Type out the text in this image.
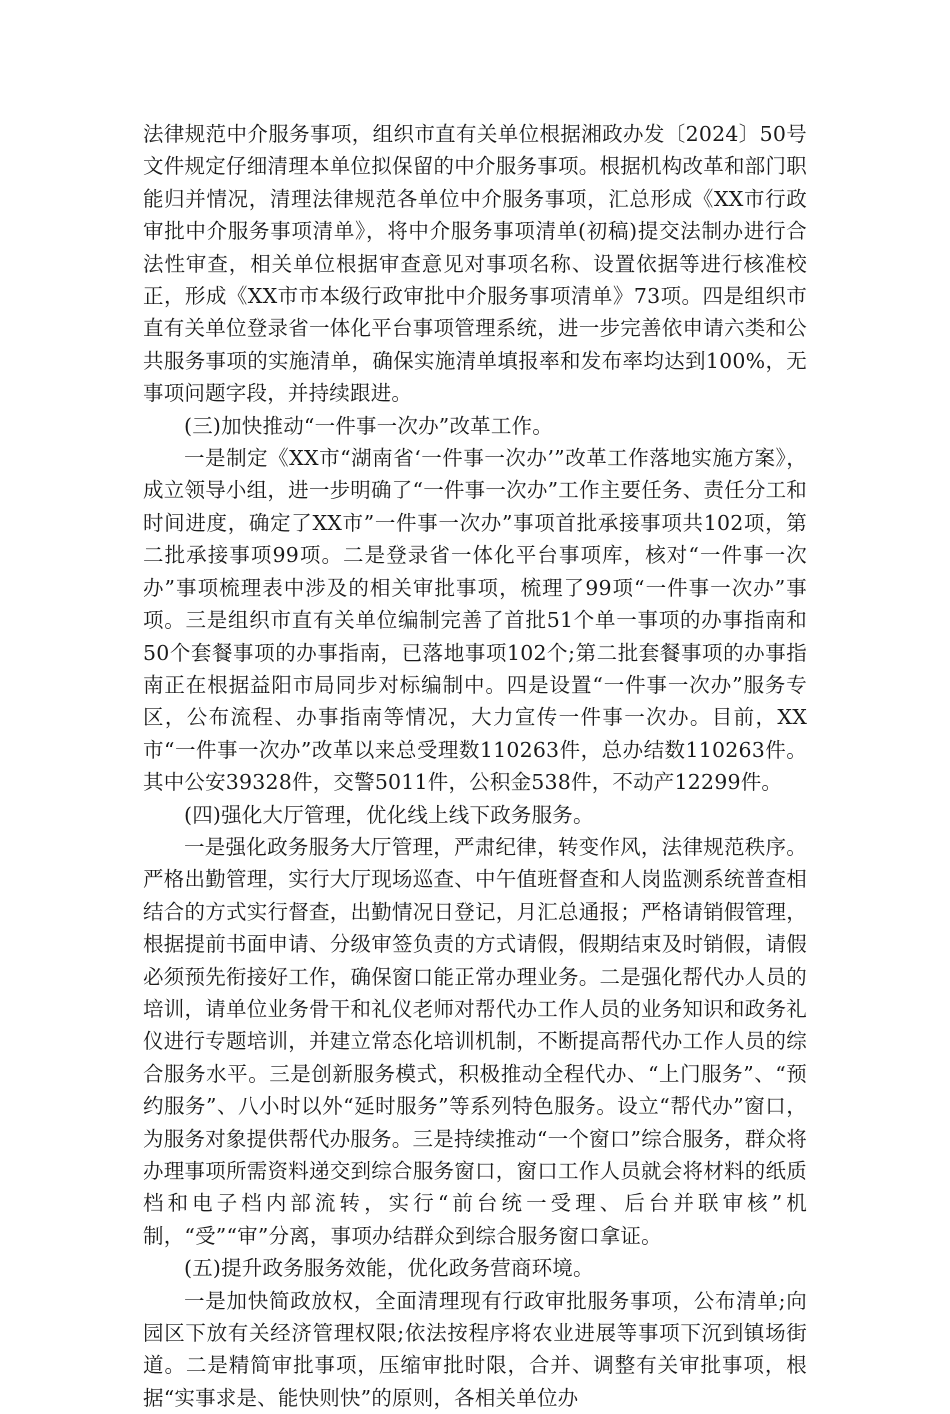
法律规范中介服务事项，组织市直有关单位根据湘政办发〔2024〕50号文件规定仔细清理本单位拟保留的中介服务事项。根据机构改革和部门职能归并情况，清理法律规范各单位中介服务事项，汇总形成《XX市行政审批中介服务事项清单》，将中介服务事项清单(初稿)提交法制办进行合法性审查，相关单位根据审查意见对事项名称、设置依据等进行核准校正，形成《XX市市本级行政审批中介服务事项清单》73项。四是组织市直有关单位登录省一体化平台事项管理系统，进一步完善依申请六类和公共服务事项的实施清单，确保实施清单填报率和发布率均达到100%，无事项问题字段，并持续跟进。

(三)加快推动“一件事一次办”改革工作。

一是制定《XX市“湖南省‘一件事一次办’”改革工作落地实施方案》，成立领导小组，进一步明确了“一件事一次办”工作主要任务、责任分工和时间进度，确定了XX市”一件事一次办”事项首批承接事项共102项，第二批承接事项99项。二是登录省一体化平台事项库，核对“一件事一次办”事项梳理表中涉及的相关审批事项，梳理了99项“一件事一次办”事项。三是组织市直有关单位编制完善了首批51个单一事项的办事指南和50个套餐事项的办事指南，已落地事项102个;第二批套餐事项的办事指南正在根据益阳市局同步对标编制中。四是设置“一件事一次办”服务专区，公布流程、办事指南等情况，大力宣传一件事一次办。目前，XX市“一件事一次办”改革以来总受理数110263件，总办结数110263件。其中公安39328件，交警5011件，公积金538件，不动产12299件。

(四)强化大厅管理，优化线上线下政务服务。

一是强化政务服务大厅管理，严肃纪律，转变作风，法律规范秩序。严格出勤管理，实行大厅现场巡查、中午值班督查和人岗监测系统普查相结合的方式实行督查，出勤情况日登记，月汇总通报；严格请销假管理，根据提前书面申请、分级审签负责的方式请假，假期结束及时销假，请假必须预先衔接好工作，确保窗口能正常办理业务。二是强化帮代办人员的培训，请单位业务骨干和礼仪老师对帮代办工作人员的业务知识和政务礼仪进行专题培训，并建立常态化培训机制，不断提高帮代办工作人员的综合服务水平。三是创新服务模式，积极推动全程代办、“上门服务”、“预约服务”、八小时以外“延时服务”等系列特色服务。设立“帮代办”窗口，为服务对象提供帮代办服务。三是持续推动“一个窗口”综合服务，群众将办理事项所需资料递交到综合服务窗口，窗口工作人员就会将材料的纸质档和电子档内部流转，实行“前台统一受理、后台并联审核”机制，“受”“审”分离，事项办结群众到综合服务窗口拿证。

(五)提升政务服务效能，优化政务营商环境。

一是加快简政放权，全面清理现有行政审批服务事项，公布清单;向园区下放有关经济管理权限;依法按程序将农业进展等事项下沉到镇场街道。二是精简审批事项，压缩审批时限，合并、调整有关审批事项，根据“实事求是、能快则快”的原则，各相关单位办
